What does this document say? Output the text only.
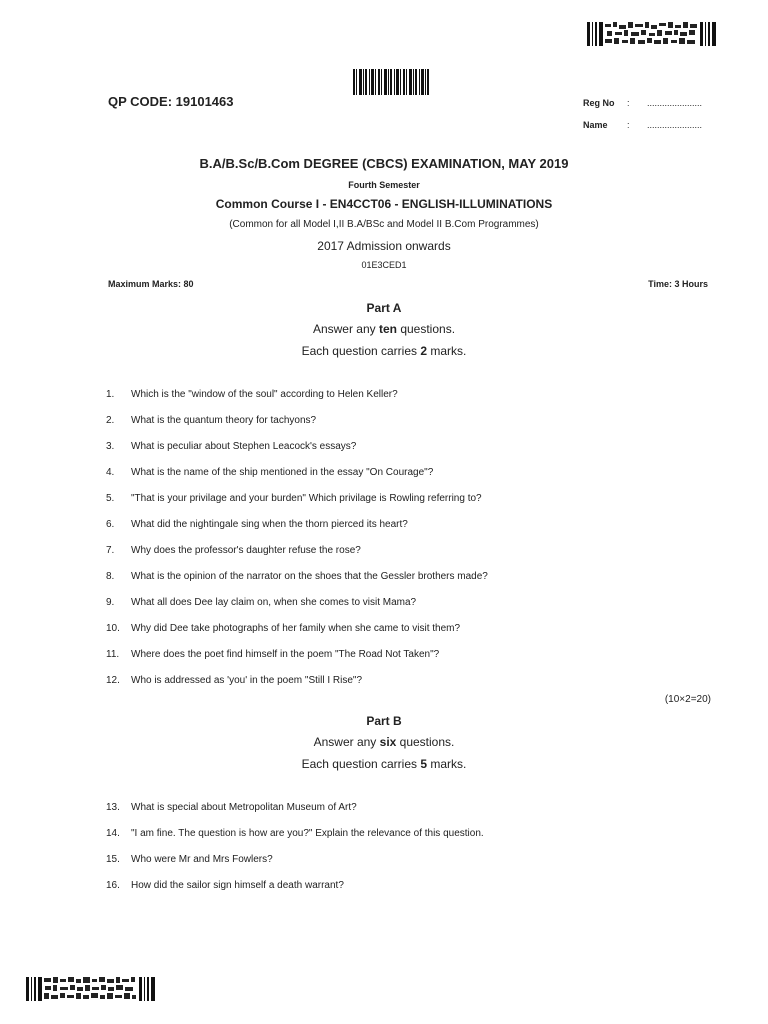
QP CODE: 19101463	Reg No : ......................
Name : ......................
B.A/B.Sc/B.Com DEGREE (CBCS) EXAMINATION, MAY 2019
Fourth Semester
Common Course I - EN4CCT06 - ENGLISH-ILLUMINATIONS
(Common for all Model I,II B.A/BSc and Model II B.Com Programmes)
2017 Admission onwards
01E3CED1
Maximum Marks: 80	Time: 3 Hours
Part A
Answer any ten questions.
Each question carries 2 marks.
1. Which is the "window of the soul" according to Helen Keller?
2. What is the quantum theory for tachyons?
3. What is peculiar about Stephen Leacock's essays?
4. What is the name of the ship mentioned in the essay "On Courage"?
5. "That is your privilage and your burden" Which privilage is Rowling referring to?
6. What did the nightingale sing when the thorn pierced its heart?
7. Why does the professor's daughter refuse the rose?
8. What is the opinion of the narrator on the shoes that the Gessler brothers made?
9. What all does Dee lay claim on, when she comes to visit Mama?
10. Why did Dee take photographs of her family when she came to visit them?
11. Where does the poet find himself in the poem "The Road Not Taken"?
12. Who is addressed as 'you' in the poem "Still I Rise"?
(10×2=20)
Part B
Answer any six questions.
Each question carries 5 marks.
13. What is special about Metropolitan Museum of Art?
14. "I am fine. The question is how are you?" Explain the relevance of this question.
15. Who were Mr and Mrs Fowlers?
16. How did the sailor sign himself a death warrant?
